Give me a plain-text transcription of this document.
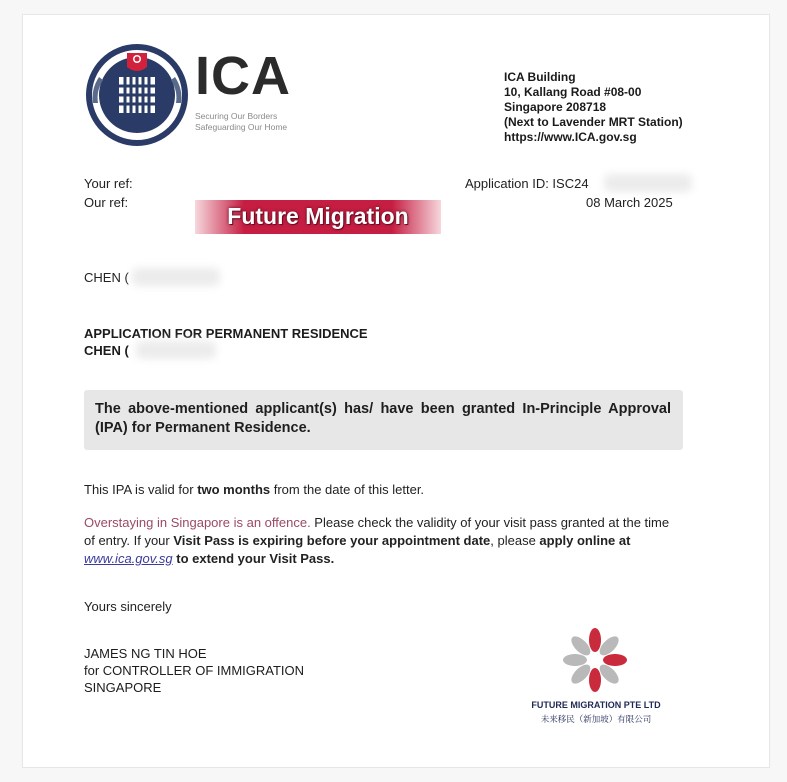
ICA
Securing Our Borders
Safeguarding Our Home
ICA Building
10, Kallang Road #08-00
Singapore 208718
(Next to Lavender MRT Station)
https://www.ICA.gov.sg
Your ref:
Our ref:
Application ID: ISC24
08 March 2025
Future Migration
CHEN (
APPLICATION FOR PERMANENT RESIDENCE
CHEN (
The above-mentioned applicant(s) has/ have been granted In-Principle Approval (IPA) for Permanent Residence.
This IPA is valid for two months from the date of this letter.
Overstaying in Singapore is an offence. Please check the validity of your visit pass granted at the time of entry. If your Visit Pass is expiring before your appointment date, please apply online at www.ica.gov.sg to extend your Visit Pass.
Yours sincerely
JAMES NG TIN HOE
for CONTROLLER OF IMMIGRATION
SINGAPORE
FUTURE MIGRATION PTE LTD
未来移民（新加坡）有限公司
